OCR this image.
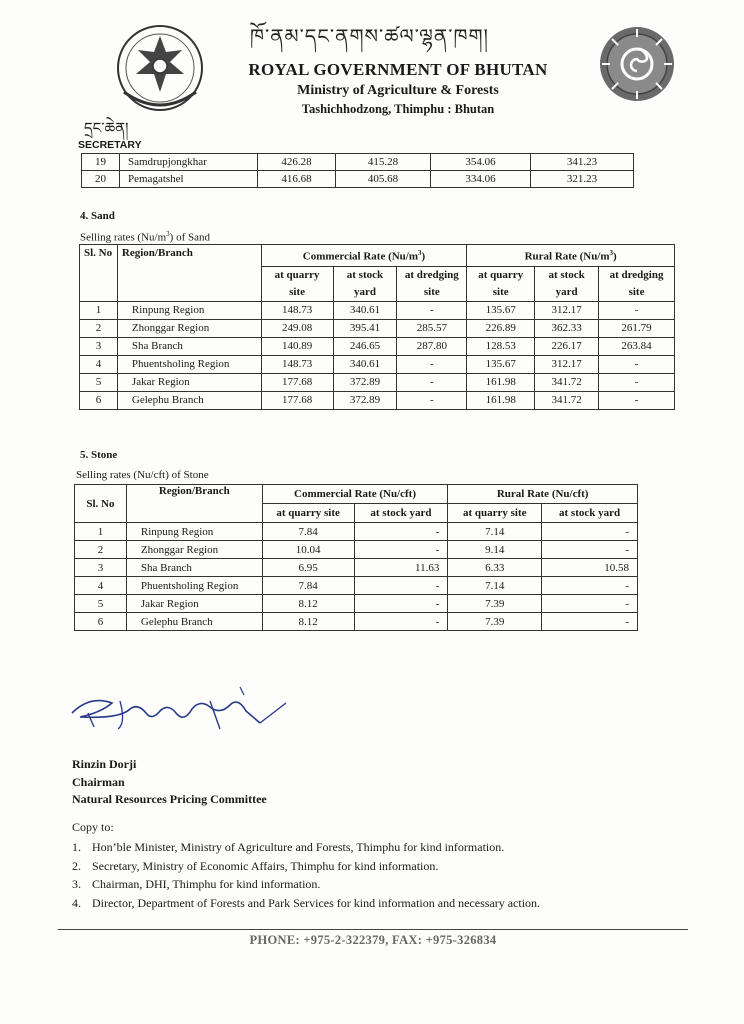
ཁོ་ནམ་དང་ནགས་ཚལ་ལྷན་ཁག།
ROYAL GOVERNMENT OF BHUTAN
Ministry of Agriculture & Forests
Tashichhodzong, Thimphu : Bhutan
དྲང་ཆེན།
SECRETARY
19	Samdrupjongkhar	426.28	415.28	354.06	341.23
20	Pemagatshel	416.68	405.68	334.06	321.23
4. Sand
Selling rates $(Nu/m^3)$ of Sand
Sl. No	Region/Branch	Commercial Rate $(Nu/m^3)$			Rural Rate $(Nu/m^3)$		
		at quarry site	at stock yard	at dredging site	at quarry site	at stock yard	at dredging site
1	Rinpung Region	148.73	340.61	-	135.67	312.17	-
2	Zhonggar Region	249.08	395.41	285.57	226.89	362.33	261.79
3	Sha Branch	140.89	246.65	287.80	128.53	226.17	263.84
4	Phuentsholing Region	148.73	340.61	-	135.67	312.17	-
5	Jakar Region	177.68	372.89	-	161.98	341.72	-
6	Gelephu Branch	177.68	372.89	-	161.98	341.72	-
5. Stone
Selling rates (Nu/cft) of Stone
Sl. No	Region/Branch	Commercial Rate (Nu/cft)		Rural Rate (Nu/cft)	
		at quarry site	at stock yard	at quarry site	at stock yard
1	Rinpung Region	7.84	-	7.14	-
2	Zhonggar Region	10.04	-	9.14	-
3	Sha Branch	6.95	11.63	6.33	10.58
4	Phuentsholing Region	7.84	-	7.14	-
5	Jakar Region	8.12	-	7.39	-
6	Gelephu Branch	8.12	-	7.39	-
Rinzin Dorji
Chairman
Natural Resources Pricing Committee
Copy to:
1. Hon’ble Minister, Ministry of Agriculture and Forests, Thimphu for kind information.
2. Secretary, Ministry of Economic Affairs, Thimphu for kind information.
3. Chairman, DHI, Thimphu for kind information.
4. Director, Department of Forests and Park Services for kind information and necessary action.
PHONE: +975-2-322379, FAX: +975-326834
